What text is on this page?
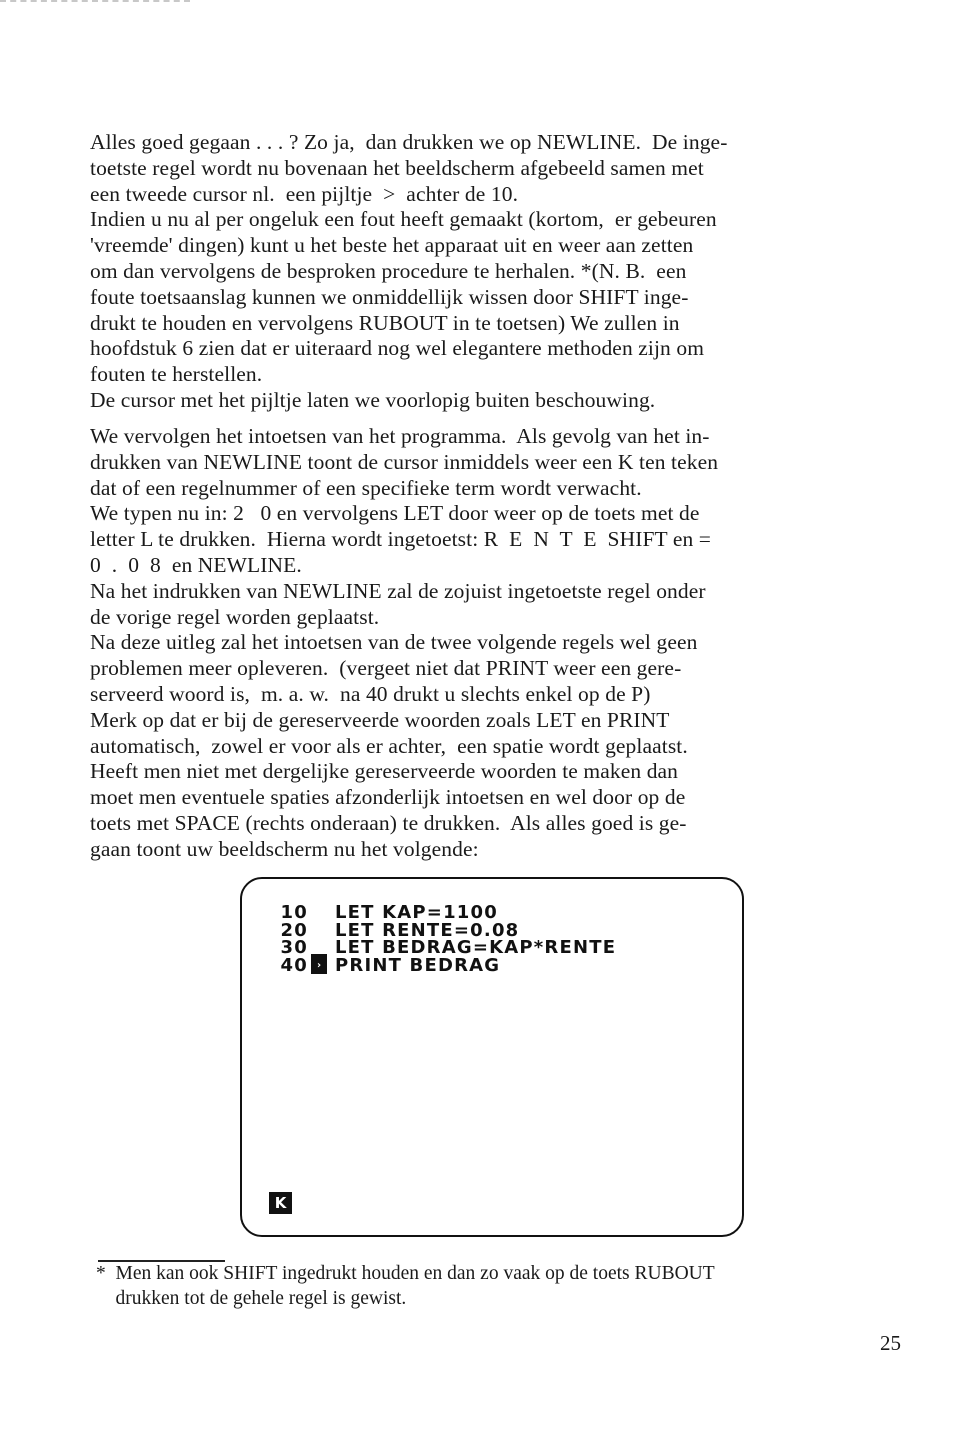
Alles goed gegaan . . . ? Zo ja,  dan drukken we op NEWLINE.  De inge-

toetste regel wordt nu bovenaan het beeldscherm afgebeeld samen met

een tweede cursor nl.  een pijltje  >  achter de 10.

Indien u nu al per ongeluk een fout heeft gemaakt (kortom,  er gebeuren

'vreemde' dingen) kunt u het beste het apparaat uit en weer aan zetten

om dan vervolgens de besproken procedure te herhalen. *(N. B.  een

foute toetsaanslag kunnen we onmiddellijk wissen door SHIFT inge-

drukt te houden en vervolgens RUBOUT in te toetsen) We zullen in

hoofdstuk 6 zien dat er uiteraard nog wel elegantere methoden zijn om

fouten te herstellen.

De cursor met het pijltje laten we voorlopig buiten beschouwing.

We vervolgen het intoetsen van het programma.  Als gevolg van het in-

drukken van NEWLINE toont de cursor inmiddels weer een K ten teken

dat of een regelnummer of een specifieke term wordt verwacht.

We typen nu in: 2   0 en vervolgens LET door weer op de toets met de

letter L te drukken.  Hierna wordt ingetoetst: R  E  N  T  E  SHIFT en =

0  .  0  8  en NEWLINE.

Na het indrukken van NEWLINE zal de zojuist ingetoetste regel onder

de vorige regel worden geplaatst.

Na deze uitleg zal het intoetsen van de twee volgende regels wel geen

problemen meer opleveren.  (vergeet niet dat PRINT weer een gere-

serveerd woord is,  m. a. w.  na 40 drukt u slechts enkel op de P)

Merk op dat er bij de gereserveerde woorden zoals LET en PRINT

automatisch,  zowel er voor als er achter,  een spatie wordt geplaatst.

Heeft men niet met dergelijke gereserveerde woorden te maken dan

moet men eventuele spaties afzonderlijk intoetsen en wel door op de

toets met SPACE (rechts onderaan) te drukken.  Als alles goed is ge-

gaan toont uw beeldscherm nu het volgende:

10 LET KAP=1100
20 LET RENTE=0.08
30

LET BEDRAG=KAP*RENTE
40

›

PRINT BEDRAG
K

*  Men kan ook SHIFT ingedrukt houden en dan zo vaak op de toets RUBOUT

drukken tot de gehele regel is gewist.

25
